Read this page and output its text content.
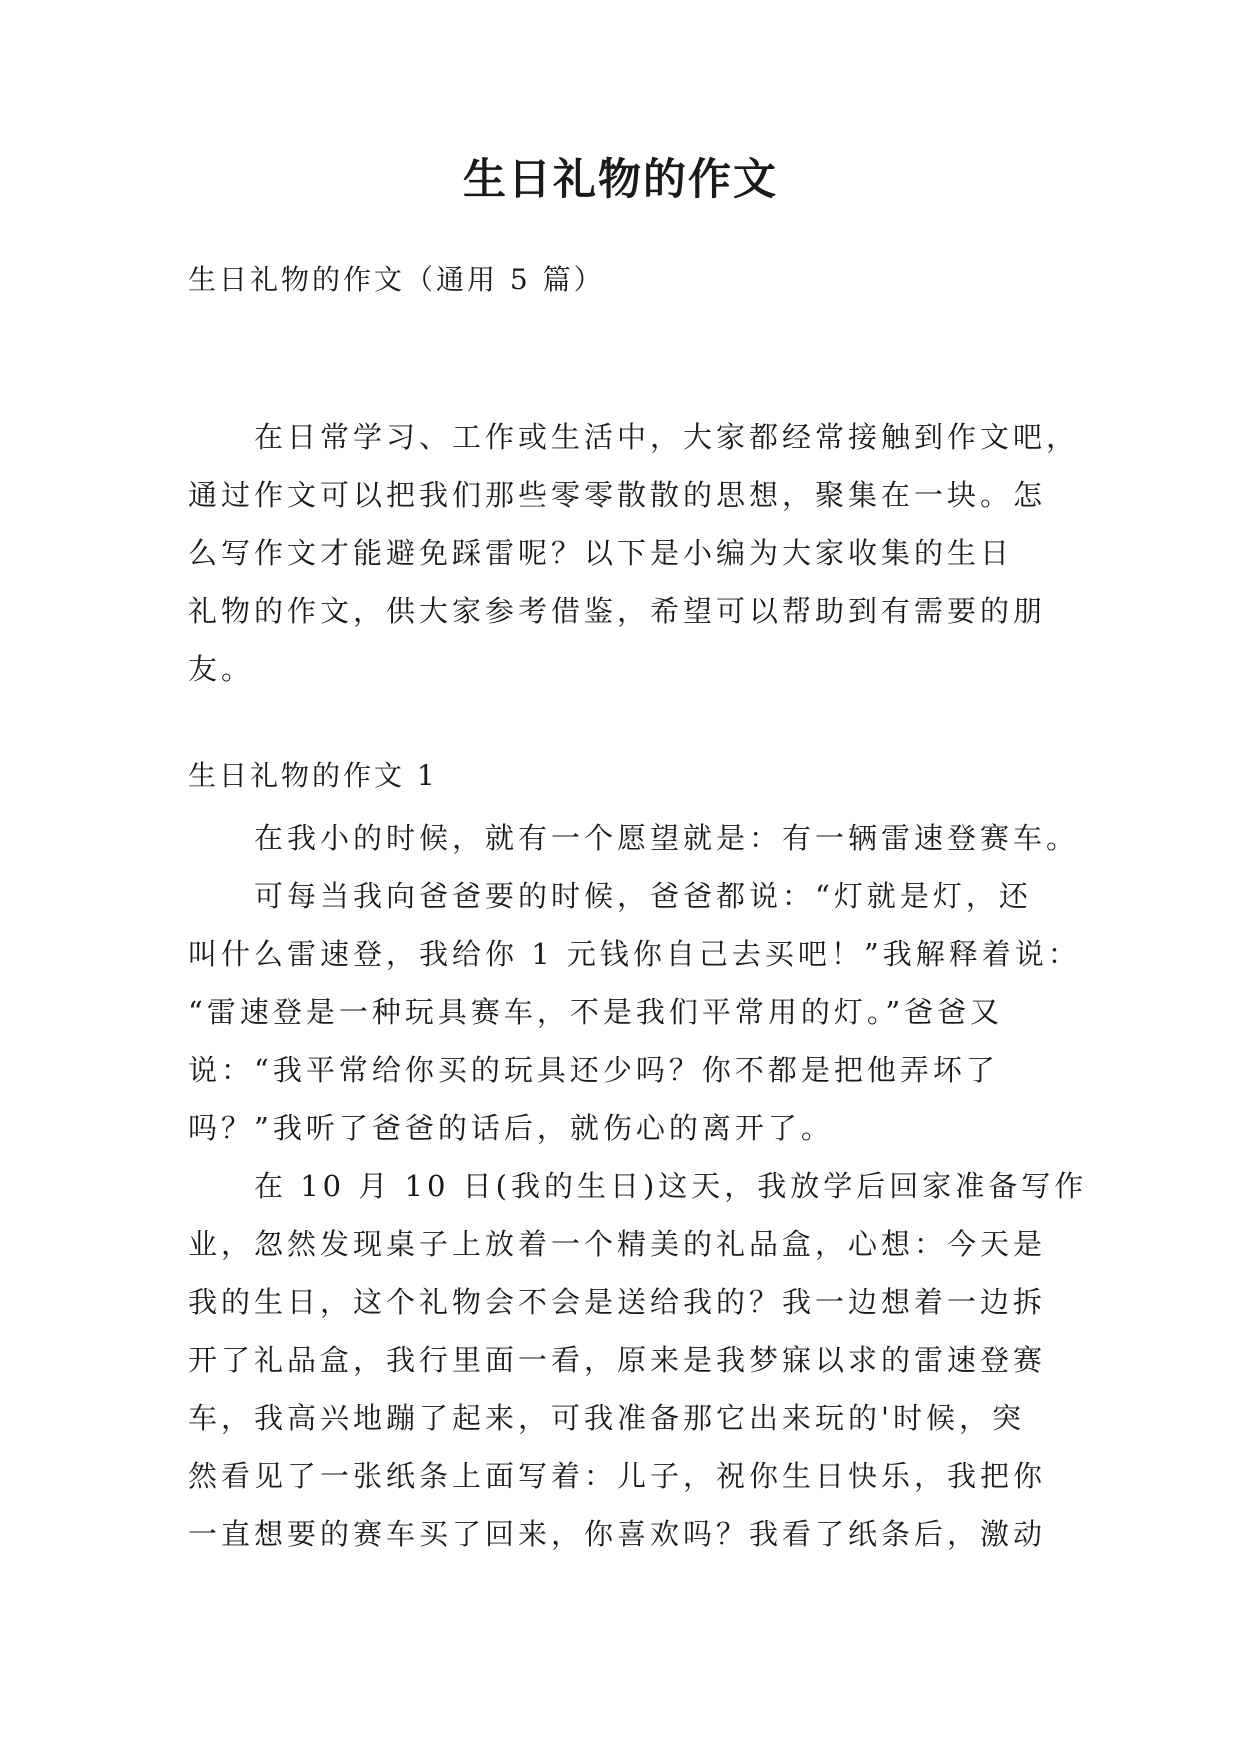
生日礼物的作文

生日礼物的作文（通用 5 篇）

在日常学习、工作或生活中，大家都经常接触到作文吧，
通过作文可以把我们那些零零散散的思想，聚集在一块。怎
么写作文才能避免踩雷呢？以下是小编为大家收集的生日
礼物的作文，供大家参考借鉴，希望可以帮助到有需要的朋
友。

生日礼物的作文 1

在我小的时候，就有一个愿望就是：有一辆雷速登赛车。
可每当我向爸爸要的时候，爸爸都说：“灯就是灯，还
叫什么雷速登，我给你 1 元钱你自己去买吧！”我解释着说：
“雷速登是一种玩具赛车，不是我们平常用的灯。”爸爸又
说：“我平常给你买的玩具还少吗？你不都是把他弄坏了
吗？”我听了爸爸的话后，就伤心的离开了。
在 10 月 10 日(我的生日)这天，我放学后回家准备写作
业，忽然发现桌子上放着一个精美的礼品盒，心想：今天是
我的生日，这个礼物会不会是送给我的？我一边想着一边拆
开了礼品盒，我行里面一看，原来是我梦寐以求的雷速登赛
车，我高兴地蹦了起来，可我准备那它出来玩的'时候，突
然看见了一张纸条上面写着：儿子，祝你生日快乐，我把你
一直想要的赛车买了回来，你喜欢吗？我看了纸条后，激动
